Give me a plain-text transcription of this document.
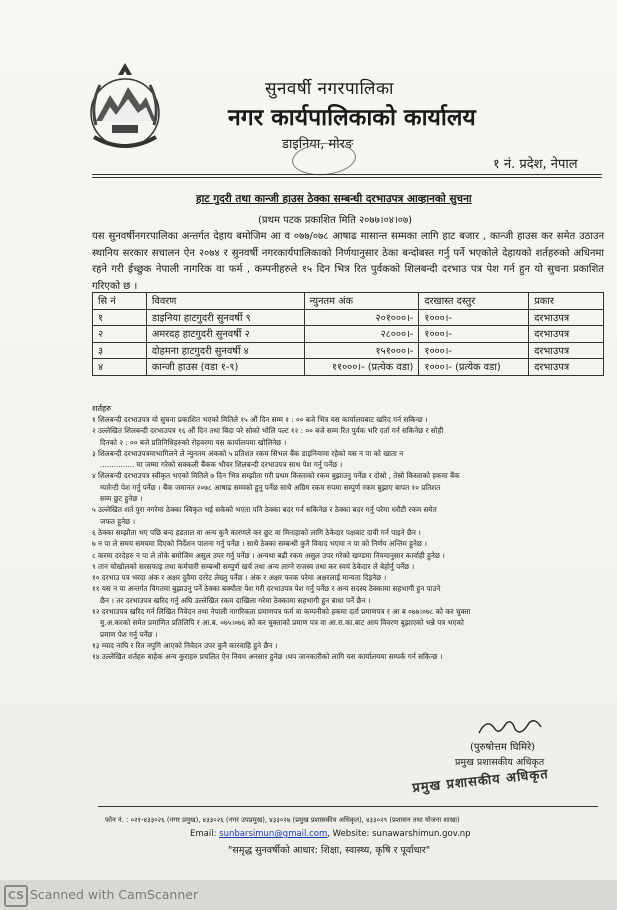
सुनवर्षी नगरपालिका
नगर कार्यपालिकाको कार्यालय
डाइनिया, मोरङ

१ नं. प्रदेश, नेपाल
हाट गुदरी तथा कान्जी हाउस ठेक्का सम्बन्धी दरभाउपत्र आव्हानको सुचना
(प्रथम पटक प्रकाशित मिति २०७७।०४।०७)
यस सुनवर्षीनगरपालिका अन्तर्गत देहाय बमोजिम आ व ०७७/०७८ आषाढ मासान्त सम्मका लागि हाट बजार , कान्जी हाउस कर समेत उठाउन स्थानिय सरकार सचालन ऐन २०७४ र सुनवर्षी नगरकार्यपालिकाको निर्णयानुसार ठेका बन्दोबस्त गर्नु पर्ने भएकोले देहायको शर्तहरुको अधिनमा रहने गरी ईच्छुक नेपाली नागरिक वा फर्म , कम्पनीहरुले १५ दिन भित्र रित पुर्वकको शिलबन्दी दरभाउ पत्र पेश गर्न हुन यो सुचना प्रकाशित गरिएको छ ।
सि नं	विवरण	न्युनतम अंक	दरखास्त दस्तुर	प्रकार
१	डाइनिया हाटगुदरी सुनवर्षी ९	२०१०००।-	१०००।-	दरभाउपत्र
२	अमरदह हाटगुदरी सुनवर्षी २	२८०००।-	१०००।-	दरभाउपत्र
३	दोहमना हाटगुदरी सुनवर्षी ४	१५१०००।-	१०००।-	दरभाउपत्र
४	कान्जी हाउस (वडा १-९)	११०००।- (प्रत्येक वडा)	१०००।- (प्रत्येक वडा)	दरभाउपत्र
शर्तहरु
१ शिलबन्दी दरभाउपत्र यो सुचना प्रकाशित भएको मितिले १५ औं दिन सम्म १ : ०० बजे भित्र यस कार्यालयबाट खरिद गर्न सकिन्छ ।
२ उल्लेखित शिलबन्दी दरभाउपत्र १६ औं दिन तथा बिदा परे सोको भोलि पल्ट १२ : ०० बजे सम्म रित पुर्वक भरि दर्ता गर्न सकिनेछ र सोही
दिनको २ : ०० बजे प्रतिनिधिहरुको रोहवरमा यस कार्यालयमा खोलिनेछ ।
३ शिलबन्दी दरभाउपत्रमाभागिलने ले न्युनतम अंकको ५ प्रतिशत रकम सिभल बैंक डाइनियामा रहेको यस न पा को खाता न
............... मा जम्मा गरेको सक्कली बैंकक भौचर शिलबन्दी दरभाउपत्र साथ पेश गर्नु पर्नेछ ।
४ शिलबन्दी दरभाउपत्र स्वीकृत भएको मितिले ७ दिन भित्र सम्झौता गरी प्रथम किस्ताको रकम बुझाउनु पर्नेछ र दोस्रो , तेस्रो किस्ताको हकमा बैंक
ग्यारेन्टी पेश गर्नु पर्नेछ । बैंक जमानत २०७८ आषाढ सम्मको हुनु पर्नेछ साथै अग्रिम रकम रुपमा सम्पुर्ण रकम बुझाए बापत १० प्रतिशत
सम्म छुट हुनेछ ।
५ उल्लेखित शर्त पुरा नगरेमा ठेक्का स्विकृत भई सकेको भएता पनि ठेक्का बदर गर्न सकिनेछ र ठेक्का बदर गर्नु परेमा धरौटी रकम समेत
जफत हुनेछ ।
६ ठेक्का सम्झौता भए पछि बन्द हडताल वा अन्य कुनै कारणले कर छुट वा मिनाहाको लागि ठेकेदार पक्षबाट दावी गर्न पाइने छैन ।
७ न पा ले समय समयमा दिएको निर्देशन पालना गर्नु पर्नेछ । साथै ठेक्का सम्बन्धी कुनै विवाद भएमा न पा को निर्णय अन्तिम हुनेछ ।
८ करमा दरदेहरु न पा ले तोके बमोजिम असुल उपर गर्नु पर्नेछ । अन्यथा बढी रकम असुल उपर गरेको खण्डमा नियमानुसार कार्वाही हुनेछ ।
९ तान चोखोलको सरसफाइ तथा कर्मचारी सम्बन्धी सम्पुर्ण खर्च तथा अन्य लाग्ने राजस्व तथा कर स्वयं ठेकेदार ले बेहोर्नु पर्नेछ ।
१० दरभाउ पत्र भरदा अंक र अक्षर दुवैमा दररेट लेख्नु पर्नेछ । अंक र अक्षर फरक परेमा अक्षरलाई मान्यता दिइनेछ ।
११ यस न पा अन्तर्गत विगतमा बुझाउनु पर्ने ठेक्का बक्यौता पेश गरी दरभाउपत्र पेश गर्नु पर्नेछ र अन्य सदस्य ठेक्कामा सहभागी हुन पाउने
छैन । तर दरभाउपत्र खरिद गर्नु अघि उल्लेखित रकम दाखिला गरेमा ठेक्कामा सहभागी हुन बाधा पर्ने छैन ।
१२ दरभाउपत्र खरिद गर्न लिखित निवेदन तथा नेपाली नागरिकता प्रमाणपत्र फर्म वा कम्पनीको हकमा दर्ता प्रमाणपत्र र आ ब ०७७।०७८ को कर चुक्ता
मु.अ.करको समेत प्रमाणित प्रतिलिपि र आ.ब. ०७५।०७६ को कर चुक्ताको प्रमाण पत्र वा आ.रा.का.बाट आय विवरण बुझाएको भन्ने पत्र भएको
प्रमाण पेश गर्नु पर्नेछ ।
१३ म्याद नाघि र रित नपुगि आएको निवेदन उपर कुनै कारवाहि हुने छैन ।
१४ उल्लेखित शर्तहरु बाहेक अन्य कुराहरु प्रचलित ऐन नियम अनसार हुनेछ ।थप जानकारीको लागि यस कार्यालयमा सम्पर्क गर्न सकिन्छ ।
(पुरुषोत्तम घिमिरे)
प्रमुख प्रशासकीय अधिकृत
प्रमुख प्रशासकीय अधिकृत
फोन नं. : ०२१-४३३०२६ (नगर प्रमुख), ४३३०२६ (नगर उपप्रमुख), ४३३०२७ (प्रमुख प्रशासकीय अधिकृत), ४३३०२९ (प्रशासन तथा योजना शाखा)
Email: sunbarsimun@gmail.com, Website: sunawarshimun.gov.np
"समृद्ध सुनवर्षीको आधार: शिक्षा, स्वास्थ्य, कृषि र पूर्वाधार"
CS Scanned with CamScanner
